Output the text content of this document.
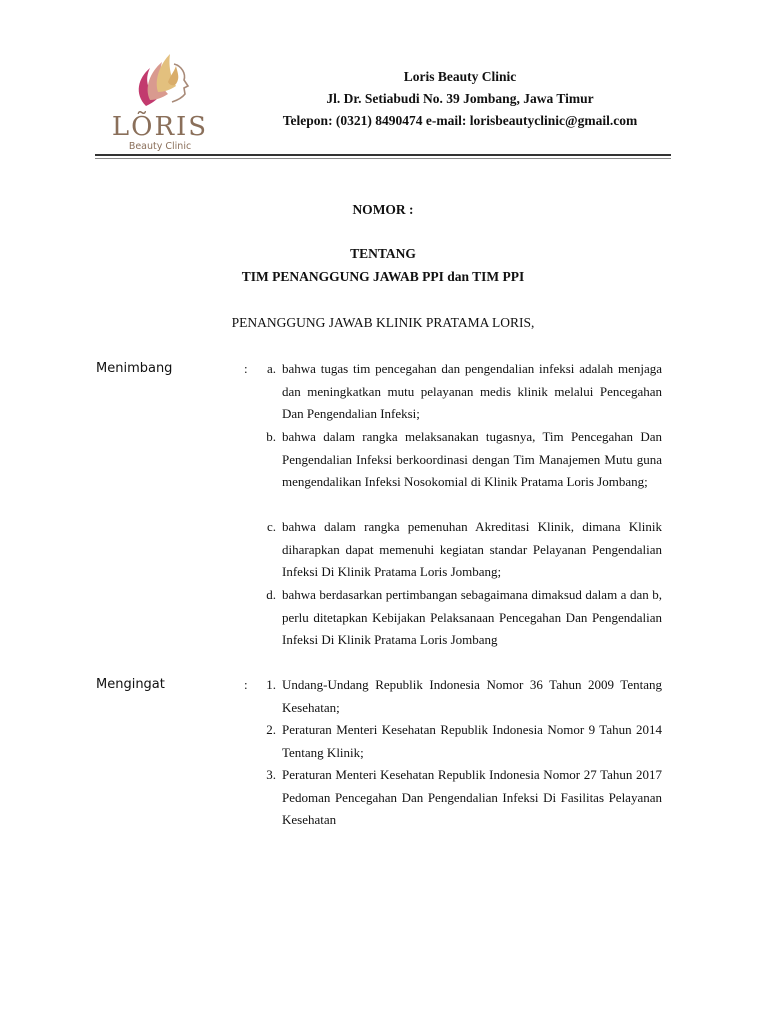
LÕRIS
Beauty Clinic
Loris Beauty Clinic
Jl. Dr. Setiabudi No. 39 Jombang, Jawa Timur
Telepon: (0321) 8490474 e-mail: lorisbeautyclinic@gmail.com
NOMOR :
TENTANG
TIM PENANGGUNG JAWAB PPI dan TIM PPI
PENANGGUNG JAWAB KLINIK PRATAMA LORIS,
Menimbang	:	a. bahwa tugas tim pencegahan dan pengendalian infeksi adalah menjaga dan meningkatkan mutu pelayanan medis klinik melalui Pencegahan Dan Pengendalian Infeksi;
b. bahwa dalam rangka melaksanakan tugasnya, Tim Pencegahan Dan Pengendalian Infeksi berkoordinasi dengan Tim Manajemen Mutu guna mengendalikan Infeksi Nosokomial di Klinik Pratama Loris Jombang;
c. bahwa dalam rangka pemenuhan Akreditasi Klinik, dimana Klinik diharapkan dapat memenuhi kegiatan standar Pelayanan Pengendalian Infeksi Di Klinik Pratama Loris Jombang;
d. bahwa berdasarkan pertimbangan sebagaimana dimaksud dalam a dan b, perlu ditetapkan Kebijakan Pelaksanaan Pencegahan Dan Pengendalian Infeksi Di Klinik Pratama Loris Jombang
Mengingat	:	1. Undang-Undang Republik Indonesia Nomor 36 Tahun 2009 Tentang Kesehatan;
2. Peraturan Menteri Kesehatan Republik Indonesia Nomor 9 Tahun 2014 Tentang Klinik;
3. Peraturan Menteri Kesehatan Republik Indonesia Nomor 27 Tahun 2017 Pedoman Pencegahan Dan Pengendalian Infeksi Di Fasilitas Pelayanan Kesehatan
